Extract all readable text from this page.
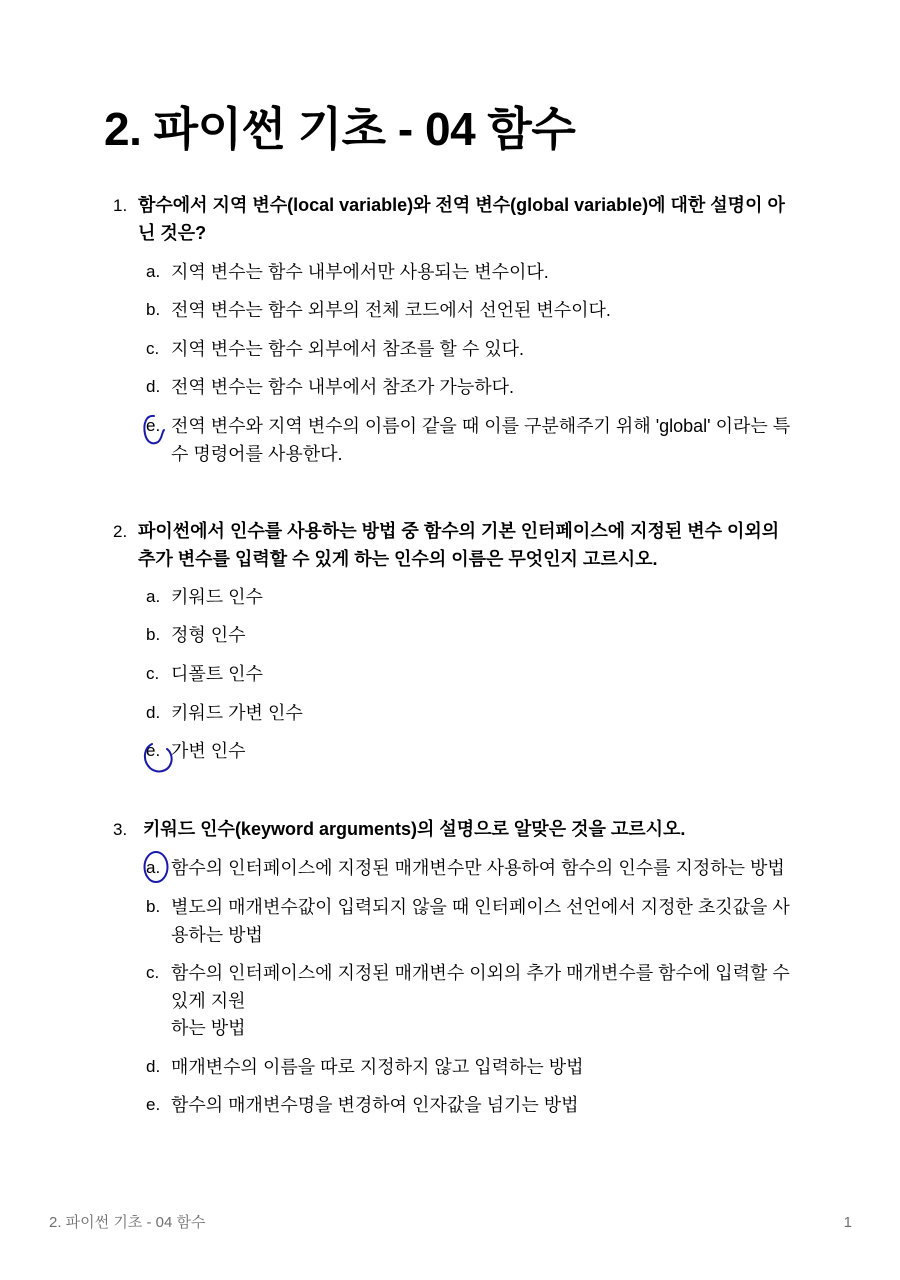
2. 파이썬 기초 - 04 함수
1. 함수에서 지역 변수(local variable)와 전역 변수(global variable)에 대한 설명이 아닌 것은?
a. 지역 변수는 함수 내부에서만 사용되는 변수이다.
b. 전역 변수는 함수 외부의 전체 코드에서 선언된 변수이다.
c. 지역 변수는 함수 외부에서 참조를 할 수 있다.
d. 전역 변수는 함수 내부에서 참조가 가능하다.
e. 전역 변수와 지역 변수의 이름이 같을 때 이를 구분해주기 위해 'global' 이라는 특수 명령어를 사용한다.
2. 파이썬에서 인수를 사용하는 방법 중 함수의 기본 인터페이스에 지정된 변수 이외의 추가 변수를 입력할 수 있게 하는 인수의 이름은 무엇인지 고르시오.
a. 키워드 인수
b. 정형 인수
c. 디폴트 인수
d. 키워드 가변 인수
e. 가변 인수
3. 키워드 인수(keyword arguments)의 설명으로 알맞은 것을 고르시오.
a. 함수의 인터페이스에 지정된 매개변수만 사용하여 함수의 인수를 지정하는 방법
b. 별도의 매개변수값이 입력되지 않을 때 인터페이스 선언에서 지정한 초깃값을 사용하는 방법
c. 함수의 인터페이스에 지정된 매개변수 이외의 추가 매개변수를 함수에 입력할 수 있게 지원
하는 방법
d. 매개변수의 이름을 따로 지정하지 않고 입력하는 방법
e. 함수의 매개변수명을 변경하여 인자값을 넘기는 방법
2. 파이썬 기초 - 04 함수	1
